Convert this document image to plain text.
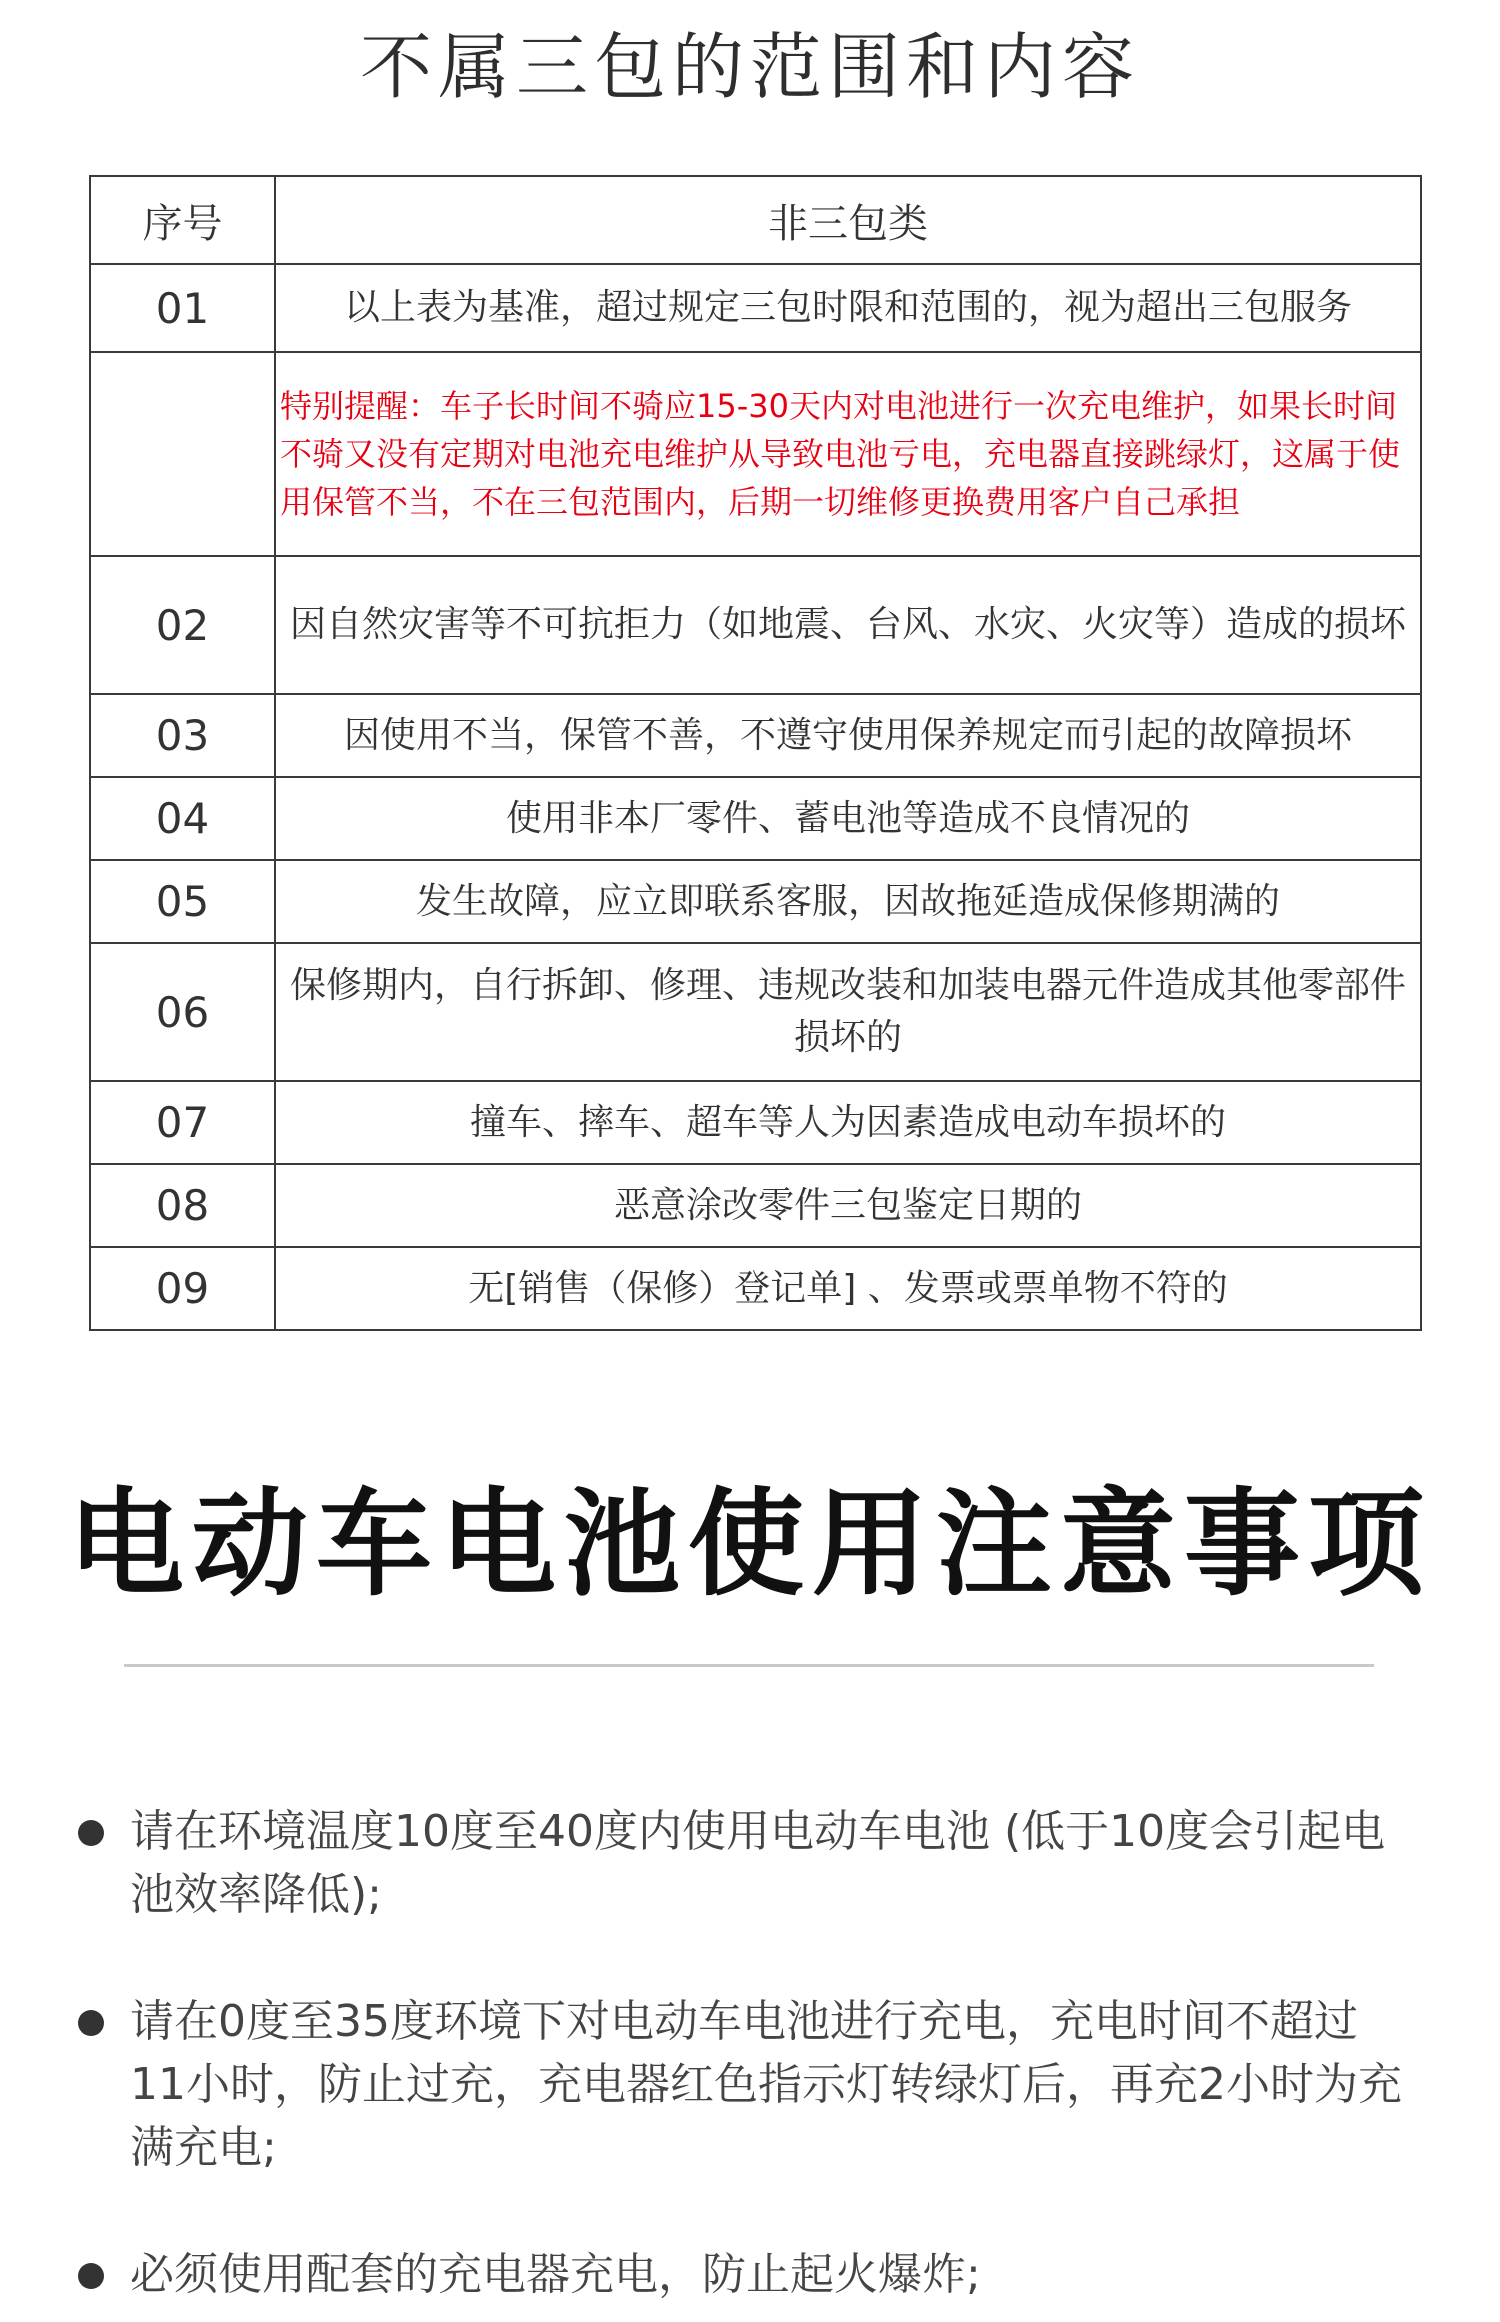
不属三包的范围和内容
序号	非三包类
01	以上表为基准，超过规定三包时限和范围的，视为超出三包服务
	特别提醒：车子长时间不骑应15-30天内对电池进行一次充电维护，如果长时间不骑又没有定期对电池充电维护从导致电池亏电，充电器直接跳绿灯，这属于使用保管不当，不在三包范围内，后期一切维修更换费用客户自己承担
02	因自然灾害等不可抗拒力（如地震、台风、水灾、火灾等）造成的损坏
03	因使用不当，保管不善，不遵守使用保养规定而引起的故障损坏
04	使用非本厂零件、蓄电池等造成不良情况的
05	发生故障，应立即联系客服，因故拖延造成保修期满的
06	保修期内，自行拆卸、修理、违规改装和加装电器元件造成其他零部件损坏的
07	撞车、摔车、超车等人为因素造成电动车损坏的
08	恶意涂改零件三包鉴定日期的
09	无[销售（保修）登记单] 、发票或票单物不符的
电动车电池使用注意事项
请在环境温度10度至40度内使用电动车电池 (低于10度会引起电池效率降低);
请在0度至35度环境下对电动车电池进行充电，充电时间不超过11小时，防止过充，充电器红色指示灯转绿灯后，再充2小时为充满充电;
必须使用配套的充电器充电，防止起火爆炸;
